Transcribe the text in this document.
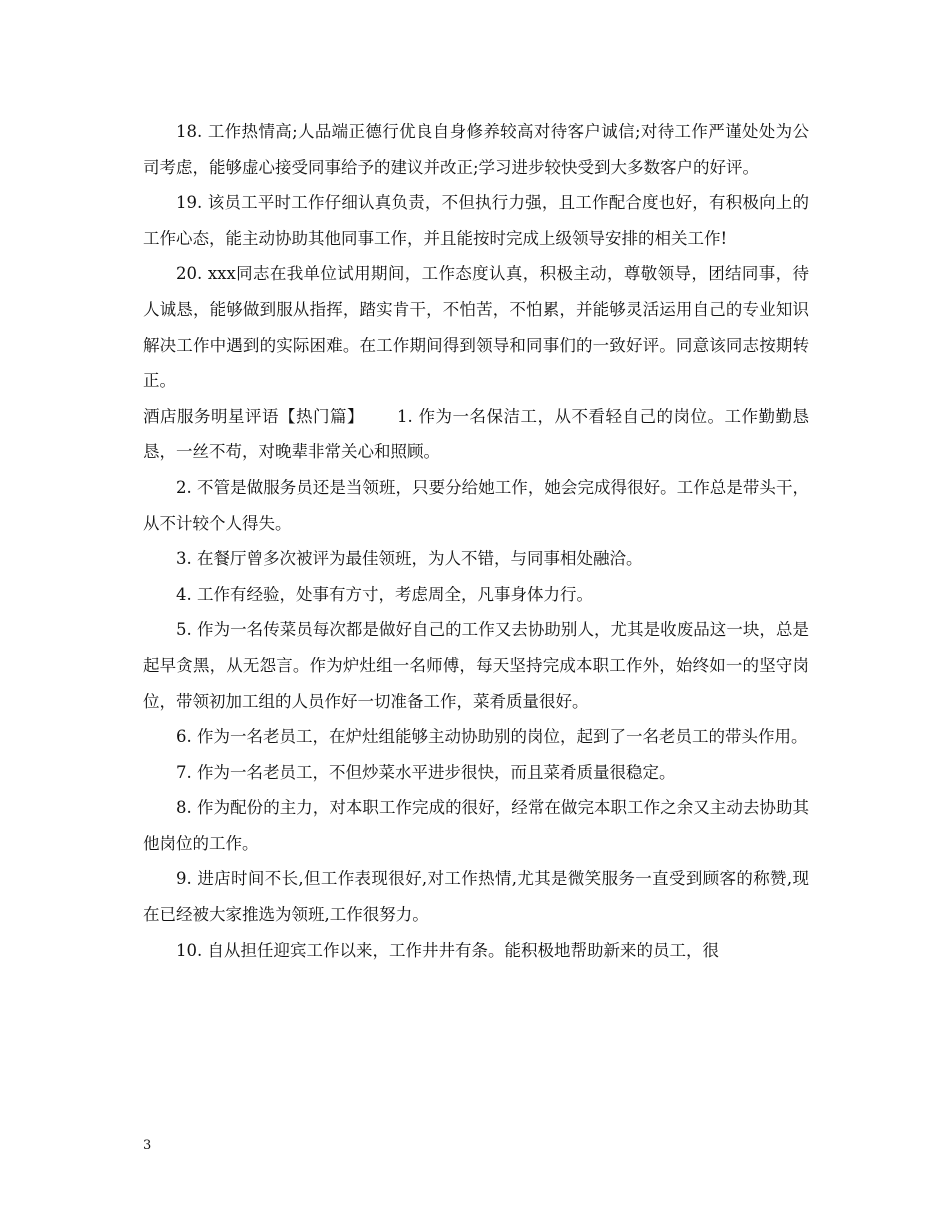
18. 工作热情高;人品端正德行优良自身修养较高对待客户诚信;对待工作严谨处处为公司考虑，能够虚心接受同事给予的建议并改正;学习进步较快受到大多数客户的好评。

19. 该员工平时工作仔细认真负责，不但执行力强，且工作配合度也好，有积极向上的工作心态，能主动协助其他同事工作，并且能按时完成上级领导安排的相关工作!

20. xxx同志在我单位试用期间，工作态度认真，积极主动，尊敬领导，团结同事，待人诚恳，能够做到服从指挥，踏实肯干，不怕苦，不怕累，并能够灵活运用自己的专业知识解决工作中遇到的实际困难。在工作期间得到领导和同事们的一致好评。同意该同志按期转正。

酒店服务明星评语【热门篇】 1. 作为一名保洁工，从不看轻自己的岗位。工作勤勤恳恳，一丝不苟，对晚辈非常关心和照顾。

2. 不管是做服务员还是当领班，只要分给她工作，她会完成得很好。工作总是带头干，从不计较个人得失。

3. 在餐厅曾多次被评为最佳领班，为人不错，与同事相处融洽。

4. 工作有经验，处事有方寸，考虑周全，凡事身体力行。

5. 作为一名传菜员每次都是做好自己的工作又去协助别人，尤其是收废品这一块，总是起早贪黑，从无怨言。作为炉灶组一名师傅，每天坚持完成本职工作外，始终如一的坚守岗位，带领初加工组的人员作好一切准备工作，菜肴质量很好。

6. 作为一名老员工，在炉灶组能够主动协助别的岗位，起到了一名老员工的带头作用。

7. 作为一名老员工，不但炒菜水平进步很快，而且菜肴质量很稳定。

8. 作为配份的主力，对本职工作完成的很好，经常在做完本职工作之余又主动去协助其他岗位的工作。

9. 进店时间不长,但工作表现很好,对工作热情,尤其是微笑服务一直受到顾客的称赞,现在已经被大家推选为领班,工作很努力。

10. 自从担任迎宾工作以来，工作井井有条。能积极地帮助新来的员工，很

3
